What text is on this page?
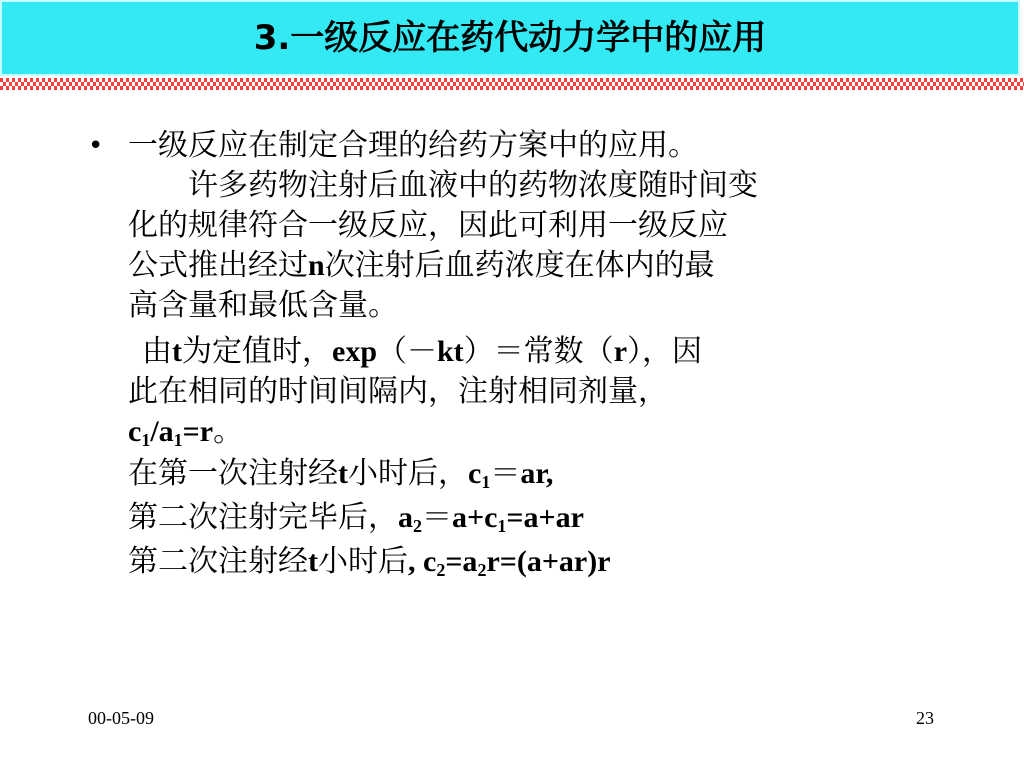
3.一级反应在药代动力学中的应用
• 一级反应在制定合理的给药方案中的应用。
许多药物注射后血液中的药物浓度随时间变
化的规律符合一级反应，因此可利用一级反应
公式推出经过n次注射后血药浓度在体内的最
高含量和最低含量。
由t为定值时，exp（－kt）＝常数（r），因
此在相同的时间间隔内，注射相同剂量，
$c_1/a_1=r$。
在第一次注射经t小时后，$c_1=ar$,
第二次注射完毕后，$a_2=a+c_1=a+ar$
第二次注射经t小时后, $c_2=a_2r=(a+ar)r$
00-05-09	23
